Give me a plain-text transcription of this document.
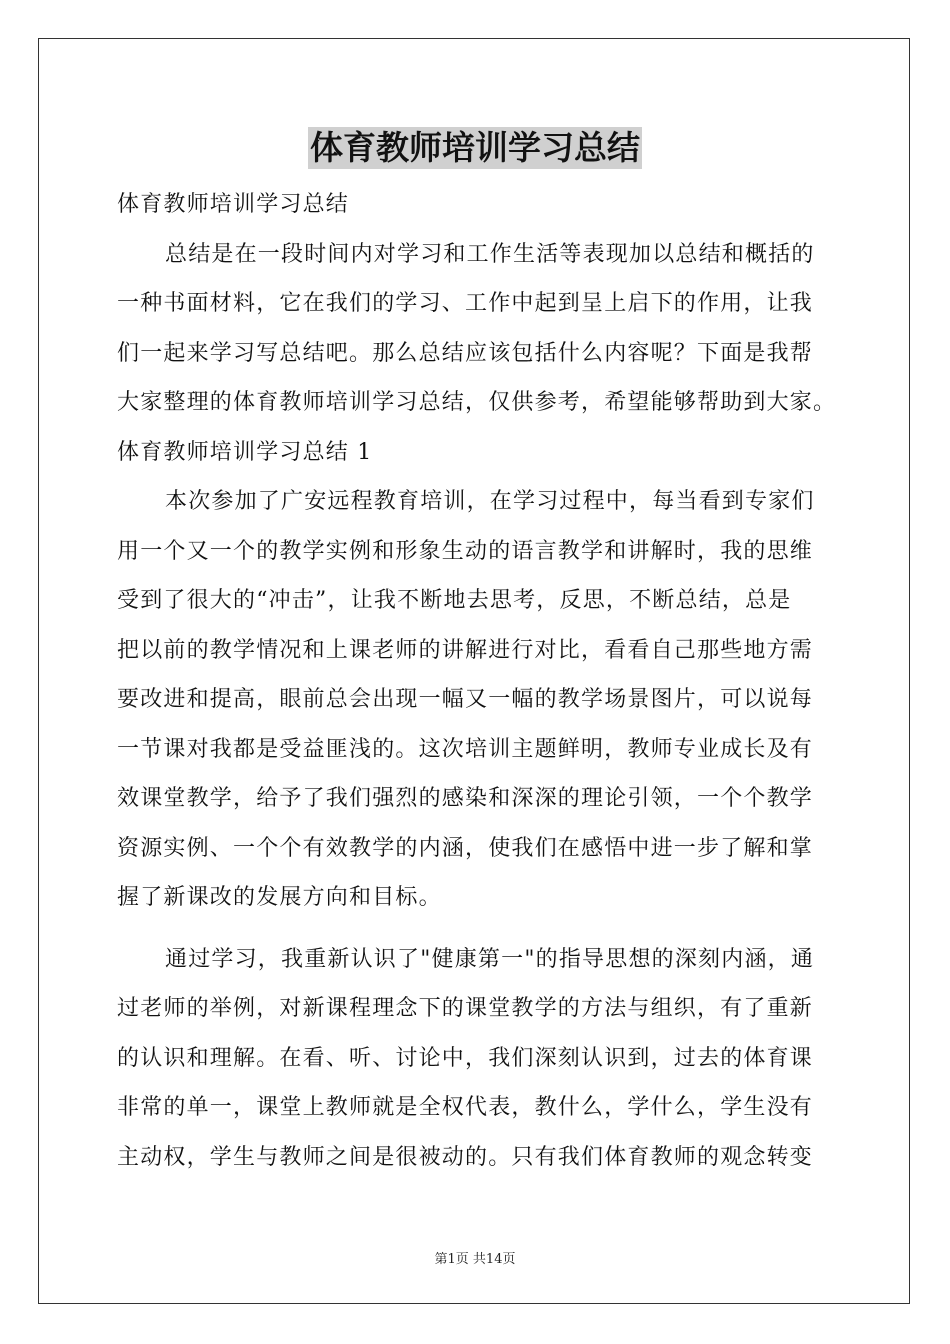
体育教师培训学习总结
体育教师培训学习总结
总结是在一段时间内对学习和工作生活等表现加以总结和概括的
一种书面材料，它在我们的学习、工作中起到呈上启下的作用，让我
们一起来学习写总结吧。那么总结应该包括什么内容呢？下面是我帮
大家整理的体育教师培训学习总结，仅供参考，希望能够帮助到大家。
体育教师培训学习总结 1
本次参加了广安远程教育培训，在学习过程中，每当看到专家们
用一个又一个的教学实例和形象生动的语言教学和讲解时，我的思维
受到了很大的“冲击”，让我不断地去思考，反思，不断总结，总是
把以前的教学情况和上课老师的讲解进行对比，看看自己那些地方需
要改进和提高，眼前总会出现一幅又一幅的教学场景图片，可以说每
一节课对我都是受益匪浅的。这次培训主题鲜明，教师专业成长及有
效课堂教学，给予了我们强烈的感染和深深的理论引领，一个个教学
资源实例、一个个有效教学的内涵，使我们在感悟中进一步了解和掌
握了新课改的发展方向和目标。
通过学习，我重新认识了"健康第一"的指导思想的深刻内涵，通
过老师的举例，对新课程理念下的课堂教学的方法与组织，有了重新
的认识和理解。在看、听、讨论中，我们深刻认识到，过去的体育课
非常的单一，课堂上教师就是全权代表，教什么，学什么，学生没有
主动权，学生与教师之间是很被动的。只有我们体育教师的观念转变
第1页 共14页
